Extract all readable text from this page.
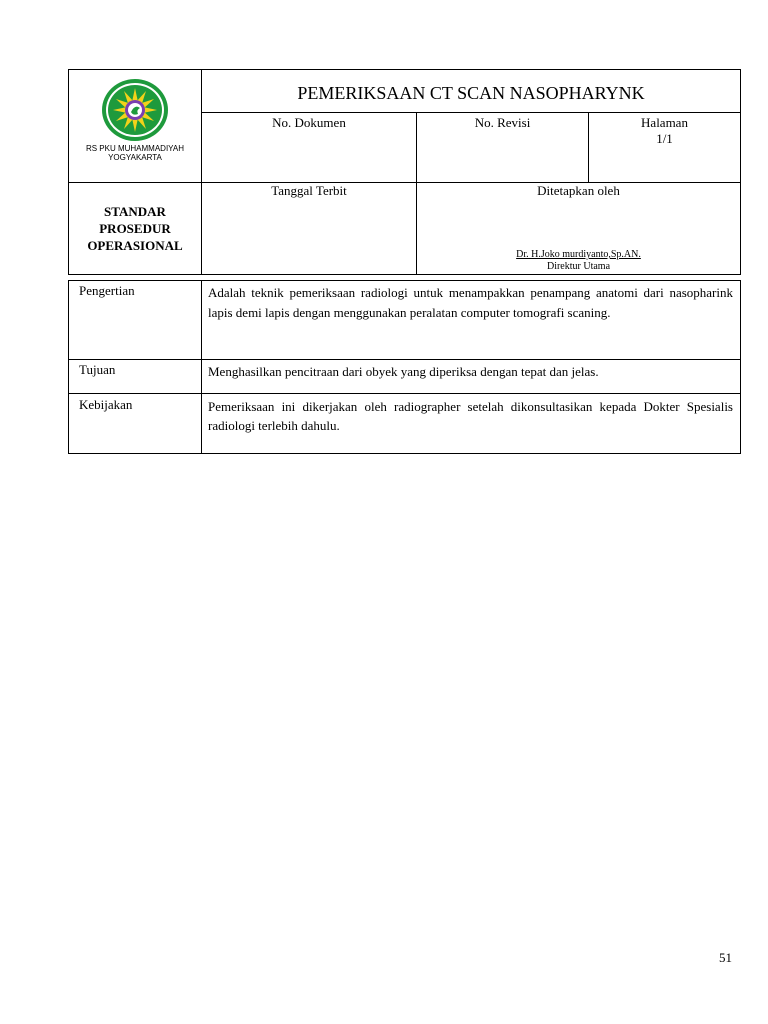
RS PKU MUHAMMADIYAH
YOGYAKARTA
PEMERIKSAAN CT SCAN NASOPHARYNK
No. Dokumen	No. Revisi	Halaman
1/1
STANDAR
PROSEDUR
OPERASIONAL
Tanggal Terbit	Ditetapkan oleh
Dr. H.Joko murdiyanto,Sp.AN.
Direktur Utama
Pengertian	Adalah teknik pemeriksaan radiologi untuk menampakkan penampang anatomi dari nasopharink lapis demi lapis dengan menggunakan peralatan computer tomografi scaning.
Tujuan	Menghasilkan pencitraan dari obyek yang diperiksa dengan tepat dan jelas.
Kebijakan	Pemeriksaan ini dikerjakan oleh radiographer setelah dikonsultasikan kepada Dokter Spesialis radiologi terlebih dahulu.
51
